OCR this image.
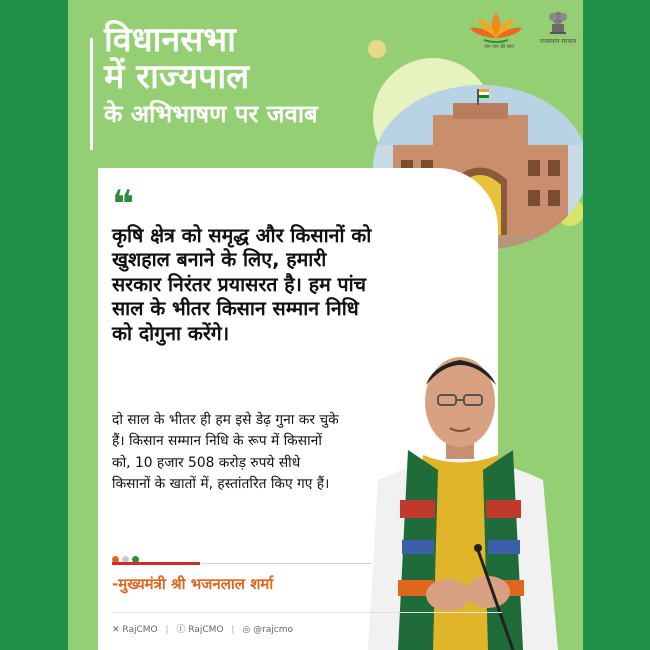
विधानसभा
में राज्यपाल
के अभिभाषण पर जवाब
जन जन की बात
राजस्थान सरकार
❝
कृषि क्षेत्र को समृद्ध और किसानों को खुशहाल बनाने के लिए, हमारी सरकार निरंतर प्रयासरत है। हम पांच साल के भीतर किसान सम्मान निधि को दोगुना करेंगे।
दो साल के भीतर ही हम इसे डेढ़ गुना कर चुके हैं। किसान सम्मान निधि के रूप में किसानों को, 10 हजार 508 करोड़ रुपये सीधे किसानों के खातों में, हस्तांतरित किए गए हैं।
-मुख्यमंत्री श्री भजनलाल शर्मा
✕ RajCMO | ⓕ RajCMO | ◎ @rajcmo
